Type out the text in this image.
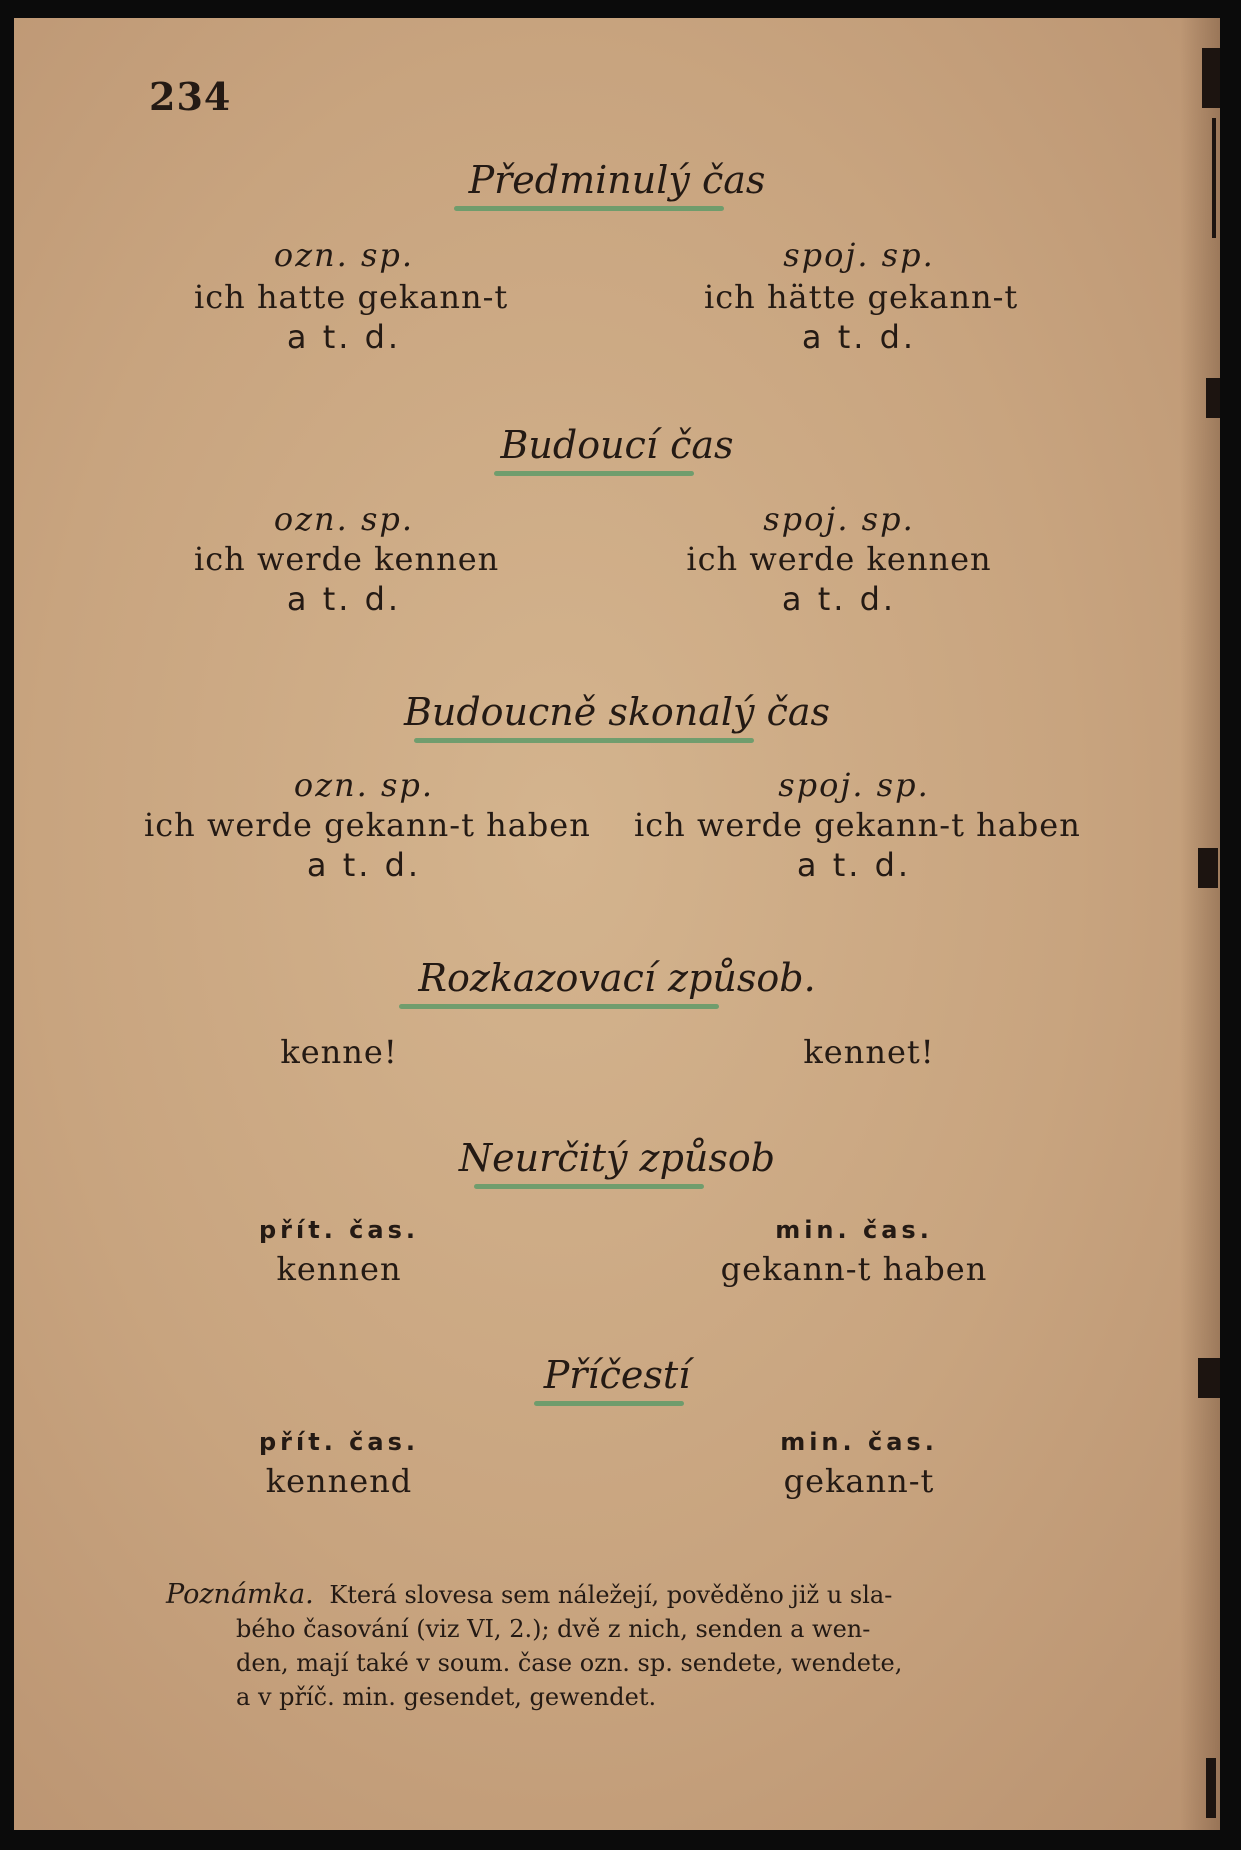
234
Předminulý čas
ozn. sp.
ich hatte gekann-t
a t. d.
spoj. sp.
ich hätte gekann-t
a t. d.
Budoucí čas
ozn. sp.
ich werde kennen
a t. d.
spoj. sp.
ich werde kennen
a t. d.
Budoucně skonalý čas
ozn. sp.
ich werde gekann-t haben
a t. d.
spoj. sp.
ich werde gekann-t haben
a t. d.
Rozkazovací způsob.
kenne!	kennet!
Neurčitý způsob
přít. čas.
kennen
min. čas.
gekann-t haben
Příčestí
přít. čas.
kennend
min. čas.
gekann-t
Poznámka. Která slovesa sem náležejí, pověděno již u sla-
bého časování (viz VI, 2.); dvě z nich, senden a wen-
den, mají také v soum. čase ozn. sp. sendete, wendete,
a v příč. min. gesendet, gewendet.
